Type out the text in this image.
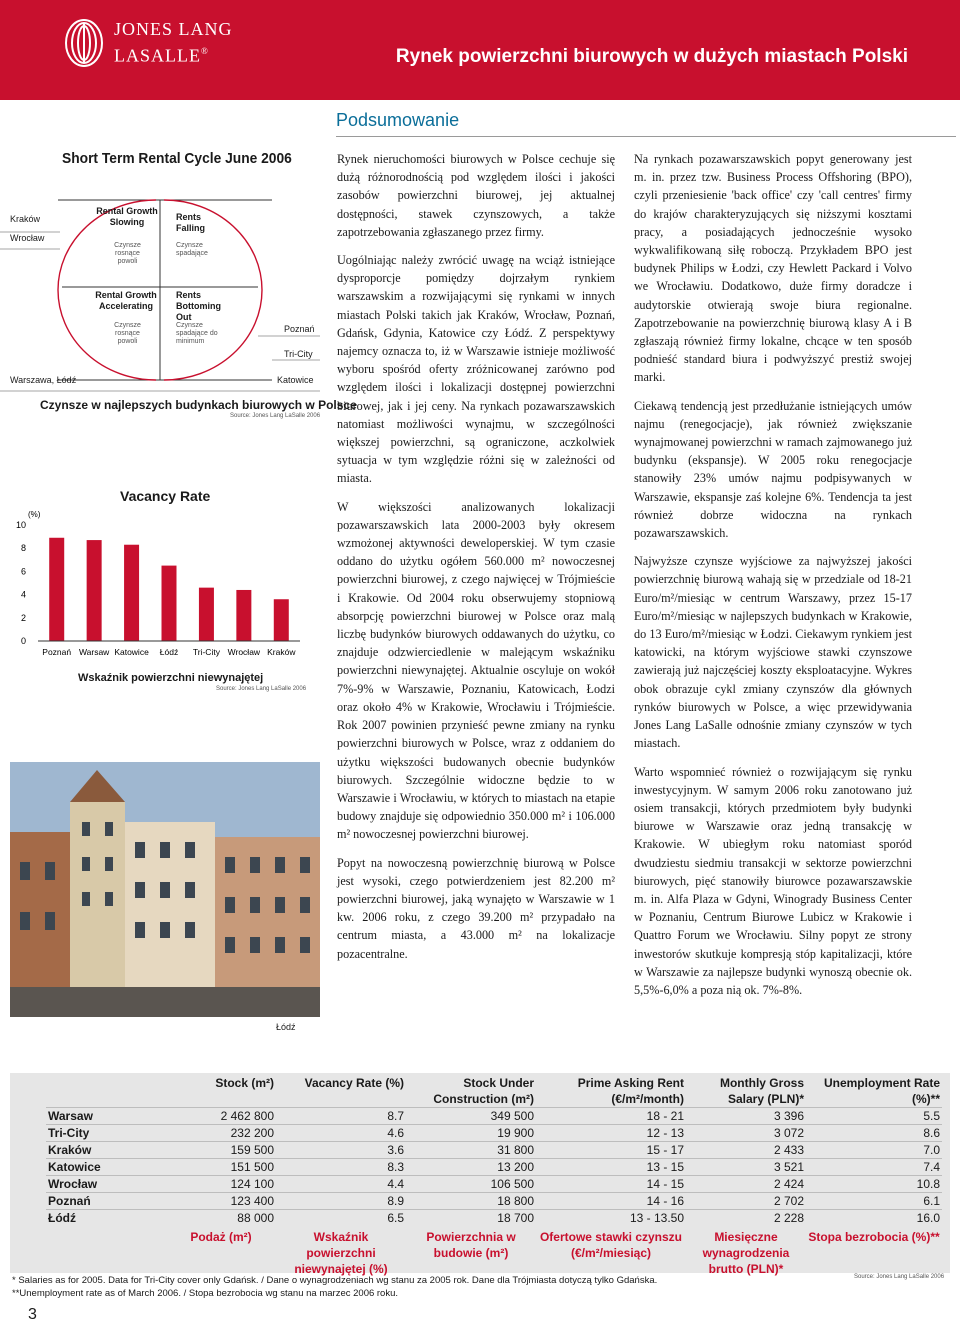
JONES LANG
LASALLE®	Rynek powierzchni biurowych w dużych miastach Polski
Short Term Rental Cycle June 2006
Rental Growth Slowing
Czynsze rosnące powoli
Rents Falling
Czynsze spadające
Rental Growth Accelerating
Czynsze rosnące powoli
Rents Bottoming Out
Czynsze spadające do minimum
Kraków
Wrocław
Warszawa, Łódź
Poznań
Tri-City
Katowice
Czynsze w najlepszych budynkach biurowych w Polsce
Source: Jones Lang LaSalle 2006
Vacancy Rate
(%)
0
2
4
6
8
10
Poznań Warsaw Katowice Łódź Tri-City Wrocław Kraków
Wskaźnik powierzchni niewynajętej
Source: Jones Lang LaSalle 2006
Łódź
Podsumowanie

Rynek nieruchomości biurowych w Polsce cechuje się dużą różnorodnością pod względem ilości i jakości zasobów powierzchni biurowej, jej aktualnej dostępności, stawek czynszowych, a także zapotrzebowania zgłaszanego przez firmy.

Uogólniając należy zwrócić uwagę na wciąż istniejące dysproporcje pomiędzy dojrzałym rynkiem warszawskim a rozwijającymi się rynkami w innych miastach Polski takich jak Kraków, Wrocław, Poznań, Gdańsk, Gdynia, Katowice czy Łódź. Z perspektywy najemcy oznacza to, iż w Warszawie istnieje możliwość wyboru spośród oferty zróżnicowanej zarówno pod względem ilości i lokalizacji dostępnej powierzchni biurowej, jak i jej ceny. Na rynkach pozawarszawskich natomiast możliwości wynajmu, w szczególności większej powierzchni, są ograniczone, aczkolwiek sytuacja w tym względzie różni się w zależności od miasta.

W większości analizowanych lokalizacji pozawarszawskich lata 2000-2003 były okresem wzmożonej aktywności deweloperskiej. W tym czasie oddano do użytku ogółem 560.000 m² nowoczesnej powierzchni biurowej, z czego najwięcej w Trójmieście i Krakowie. Od 2004 roku obserwujemy stopniową absorpcję powierzchni biurowej w Polsce oraz malą liczbę budynków biurowych oddawanych do użytku, co znajduje odzwierciedlenie w malejącym wskaźniku powierzchni niewynajętej. Aktualnie oscyluje on wokół 7%-9% w Warszawie, Poznaniu, Katowicach, Łodzi oraz około 4% w Krakowie, Wrocławiu i Trójmieście. Rok 2007 powinien przynieść pewne zmiany na rynku powierzchni biurowych w Polsce, wraz z oddaniem do użytku większości budowanych obecnie budynków biurowych. Szczególnie widoczne będzie to w Warszawie i Wrocławiu, w których to miastach na etapie budowy znajduje się odpowiednio 350.000 m² i 106.000 m² nowoczesnej powierzchni biurowej.

Popyt na nowoczesną powierzchnię biurową w Polsce jest wysoki, czego potwierdzeniem jest 82.200 m² powierzchni biurowej, jaką wynajęto w Warszawie w 1 kw. 2006 roku, z czego 39.200 m² przypadało na centrum miasta, a 43.000 m² na lokalizacje pozacentralne.

Na rynkach pozawarszawskich popyt generowany jest m. in. przez tzw. Business Process Offshoring (BPO), czyli przeniesienie 'back office' czy 'call centres' firmy do krajów charakteryzujących się niższymi kosztami pracy, a posiadających jednocześnie wysoko wykwalifikowaną siłę roboczą. Przykładem BPO jest budynek Philips w Łodzi, czy Hewlett Packard i Volvo we Wrocławiu. Dodatkowo, duże firmy doradcze i audytorskie otwierają swoje biura regionalne. Zapotrzebowanie na powierzchnię biurową klasy A i B zgłaszają również firmy lokalne, chcące w ten sposób podnieść standard biura i podwyższyć prestiż swojej marki.

Ciekawą tendencją jest przedłużanie istniejących umów najmu (renegocjacje), jak również zwiększanie wynajmowanej powierzchni w ramach zajmowanego już budynku (ekspansje). W 2005 roku renegocjacje stanowiły 23% umów najmu podpisywanych w Warszawie, ekspansje zaś kolejne 6%. Tendencja ta jest również dobrze widoczna na rynkach pozawarszawskich.

Najwyższe czynsze wyjściowe za najwyższej jakości powierzchnię biurową wahają się w przedziale od 18-21 Euro/m²/miesiąc w centrum Warszawy, przez 15-17 Euro/m²/miesiąc w najlepszych budynkach w Krakowie, do 13 Euro/m²/miesiąc w Łodzi. Ciekawym rynkiem jest katowicki, na którym wyjściowe stawki czynszowe zawierają już najczęściej koszty eksploatacyjne. Wykres obok obrazuje cykl zmiany czynszów dla głównych rynków biurowych w Polsce, a więc przewidywania Jones Lang LaSalle odnośnie zmiany czynszów w tych miastach.

Warto wspomnieć również o rozwijającym się rynku inwestycyjnym. W samym 2006 roku zanotowano już osiem transakcji, których przedmiotem były budynki biurowe w Warszawie oraz jedną transakcję w Krakowie. W ubiegłym roku natomiast sporód dwudziestu siedmiu transakcji w sektorze powierzchni biurowych, pięć stanowiły biurowce pozawarszawskie m. in. Alfa Plaza w Gdyni, Winogrady Business Center w Poznaniu, Centrum Biurowe Lubicz w Krakowie i Quattro Forum we Wrocławiu. Silny popyt ze strony inwestorów skutkuje kompresją stóp kapitalizacji, które w Warszawie za najlepsze budynki wynoszą obecnie ok. 5,5%-6,0% a poza nią ok. 7%-8%.

	Stock (m²)	Vacancy Rate (%)	Stock Under Construction (m²)	Prime Asking Rent (€/m²/month)	Monthly Gross Salary (PLN)*	Unemployment Rate (%)**
Warsaw	2 462 800	8.7	349 500	18 - 21	3 396	5.5
Tri-City	232 200	4.6	19 900	12 - 13	3 072	8.6
Kraków	159 500	3.6	31 800	15 - 17	2 433	7.0
Katowice	151 500	8.3	13 200	13 - 15	3 521	7.4
Wrocław	124 100	4.4	106 500	14 - 15	2 424	10.8
Poznań	123 400	8.9	18 800	14 - 16	2 702	6.1
Łódź	88 000	6.5	18 700	13 - 13.50	2 228	16.0
	Podaż (m²)	Wskaźnik powierzchni niewynajętej (%)	Powierzchnia w budowie (m²)	Ofertowe stawki czynszu (€/m²/miesiąc)	Miesięczne wynagrodzenia brutto (PLN)*	Stopa bezrobocia (%)**
* Salaries as for 2005. Data for Tri-City cover only Gdańsk. / Dane o wynagrodzeniach wg stanu za 2005 rok. Dane dla Trójmiasta dotyczą tylko Gdańska.
**Unemployment rate as of March 2006. / Stopa bezrobocia wg stanu na marzec 2006 roku.
Source: Jones Lang LaSalle 2006
3
